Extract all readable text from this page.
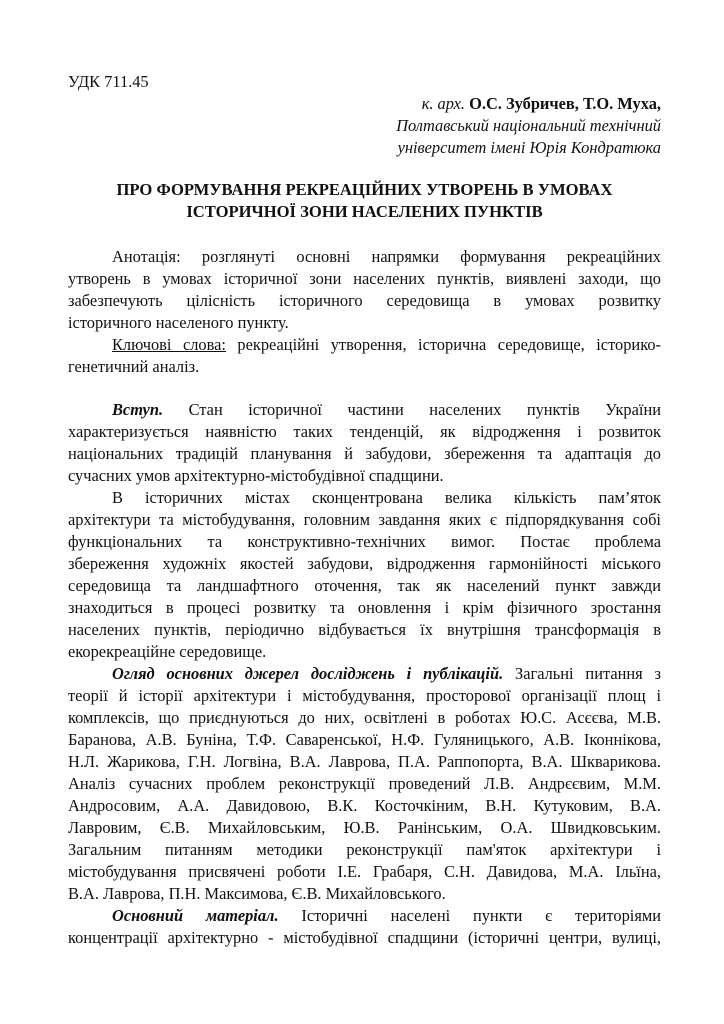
УДК 711.45
к. арх. О.С. Зубричев, Т.О. Муха,
Полтавський національний технічний
університет імені Юрія Кондратюка
ПРО ФОРМУВАННЯ РЕКРЕАЦІЙНИХ УТВОРЕНЬ В УМОВАХ
ІСТОРИЧНОЇ ЗОНИ НАСЕЛЕНИХ ПУНКТІВ
Анотація: розглянуті основні напрямки формування рекреаційних
утворень в умовах історичної зони населених пунктів, виявлені заходи, що
забезпечують цілісність історичного середовища в умовах розвитку
історичного населеного пункту.
Ключові слова: рекреаційні утворення, історична середовище, історико-
генетичний аналіз.
Вступ. Стан історичної частини населених пунктів України
характеризується наявністю таких тенденцій, як відродження і розвиток
національних традицій планування й забудови, збереження та адаптація до
сучасних умов архітектурно-містобудівної спадщини.
В історичних містах сконцентрована велика кількість пам’яток
архітектури та містобудування, головним завдання яких є підпорядкування собі
функціональних та конструктивно-технічних вимог. Постає проблема
збереження художніх якостей забудови, відродження гармонійності міського
середовища та ландшафтного оточення, так як населений пункт завжди
знаходиться в процесі розвитку та оновлення і крім фізичного зростання
населених пунктів, періодично відбувається їх внутрішня трансформація в
екорекреаційне середовище.
Огляд основних джерел досліджень і публікацій. Загальні питання з
теорії й історії архітектури і містобудування, просторової організації площ і
комплексів, що приєднуються до них, освітлені в роботах Ю.С. Асєєва, М.В.
Баранова, А.В. Буніна, Т.Ф. Саваренської, Н.Ф. Гуляницького, А.В. Іконнікова,
Н.Л. Жарикова, Г.Н. Логвіна, В.А. Лаврова, П.А. Раппопорта, В.А. Шкварикова.
Аналіз сучасних проблем реконструкції проведений Л.В. Андрєєвим, М.М.
Андросовим, А.А. Давидовою, В.К. Косточкіним, В.Н. Кутуковим, В.А.
Лавровим, Є.В. Михайловським, Ю.В. Ранінським, О.А. Швидковським.
Загальним питанням методики реконструкції пам'яток архітектури і
містобудування присвячені роботи І.Е. Грабаря, С.Н. Давидова, М.А. Ільїна,
В.А. Лаврова, П.Н. Максимова, Є.В. Михайловського.
Основний матеріал. Історичні населені пункти є територіями
концентрації архітектурно - містобудівної спадщини (історичні центри, вулиці,
